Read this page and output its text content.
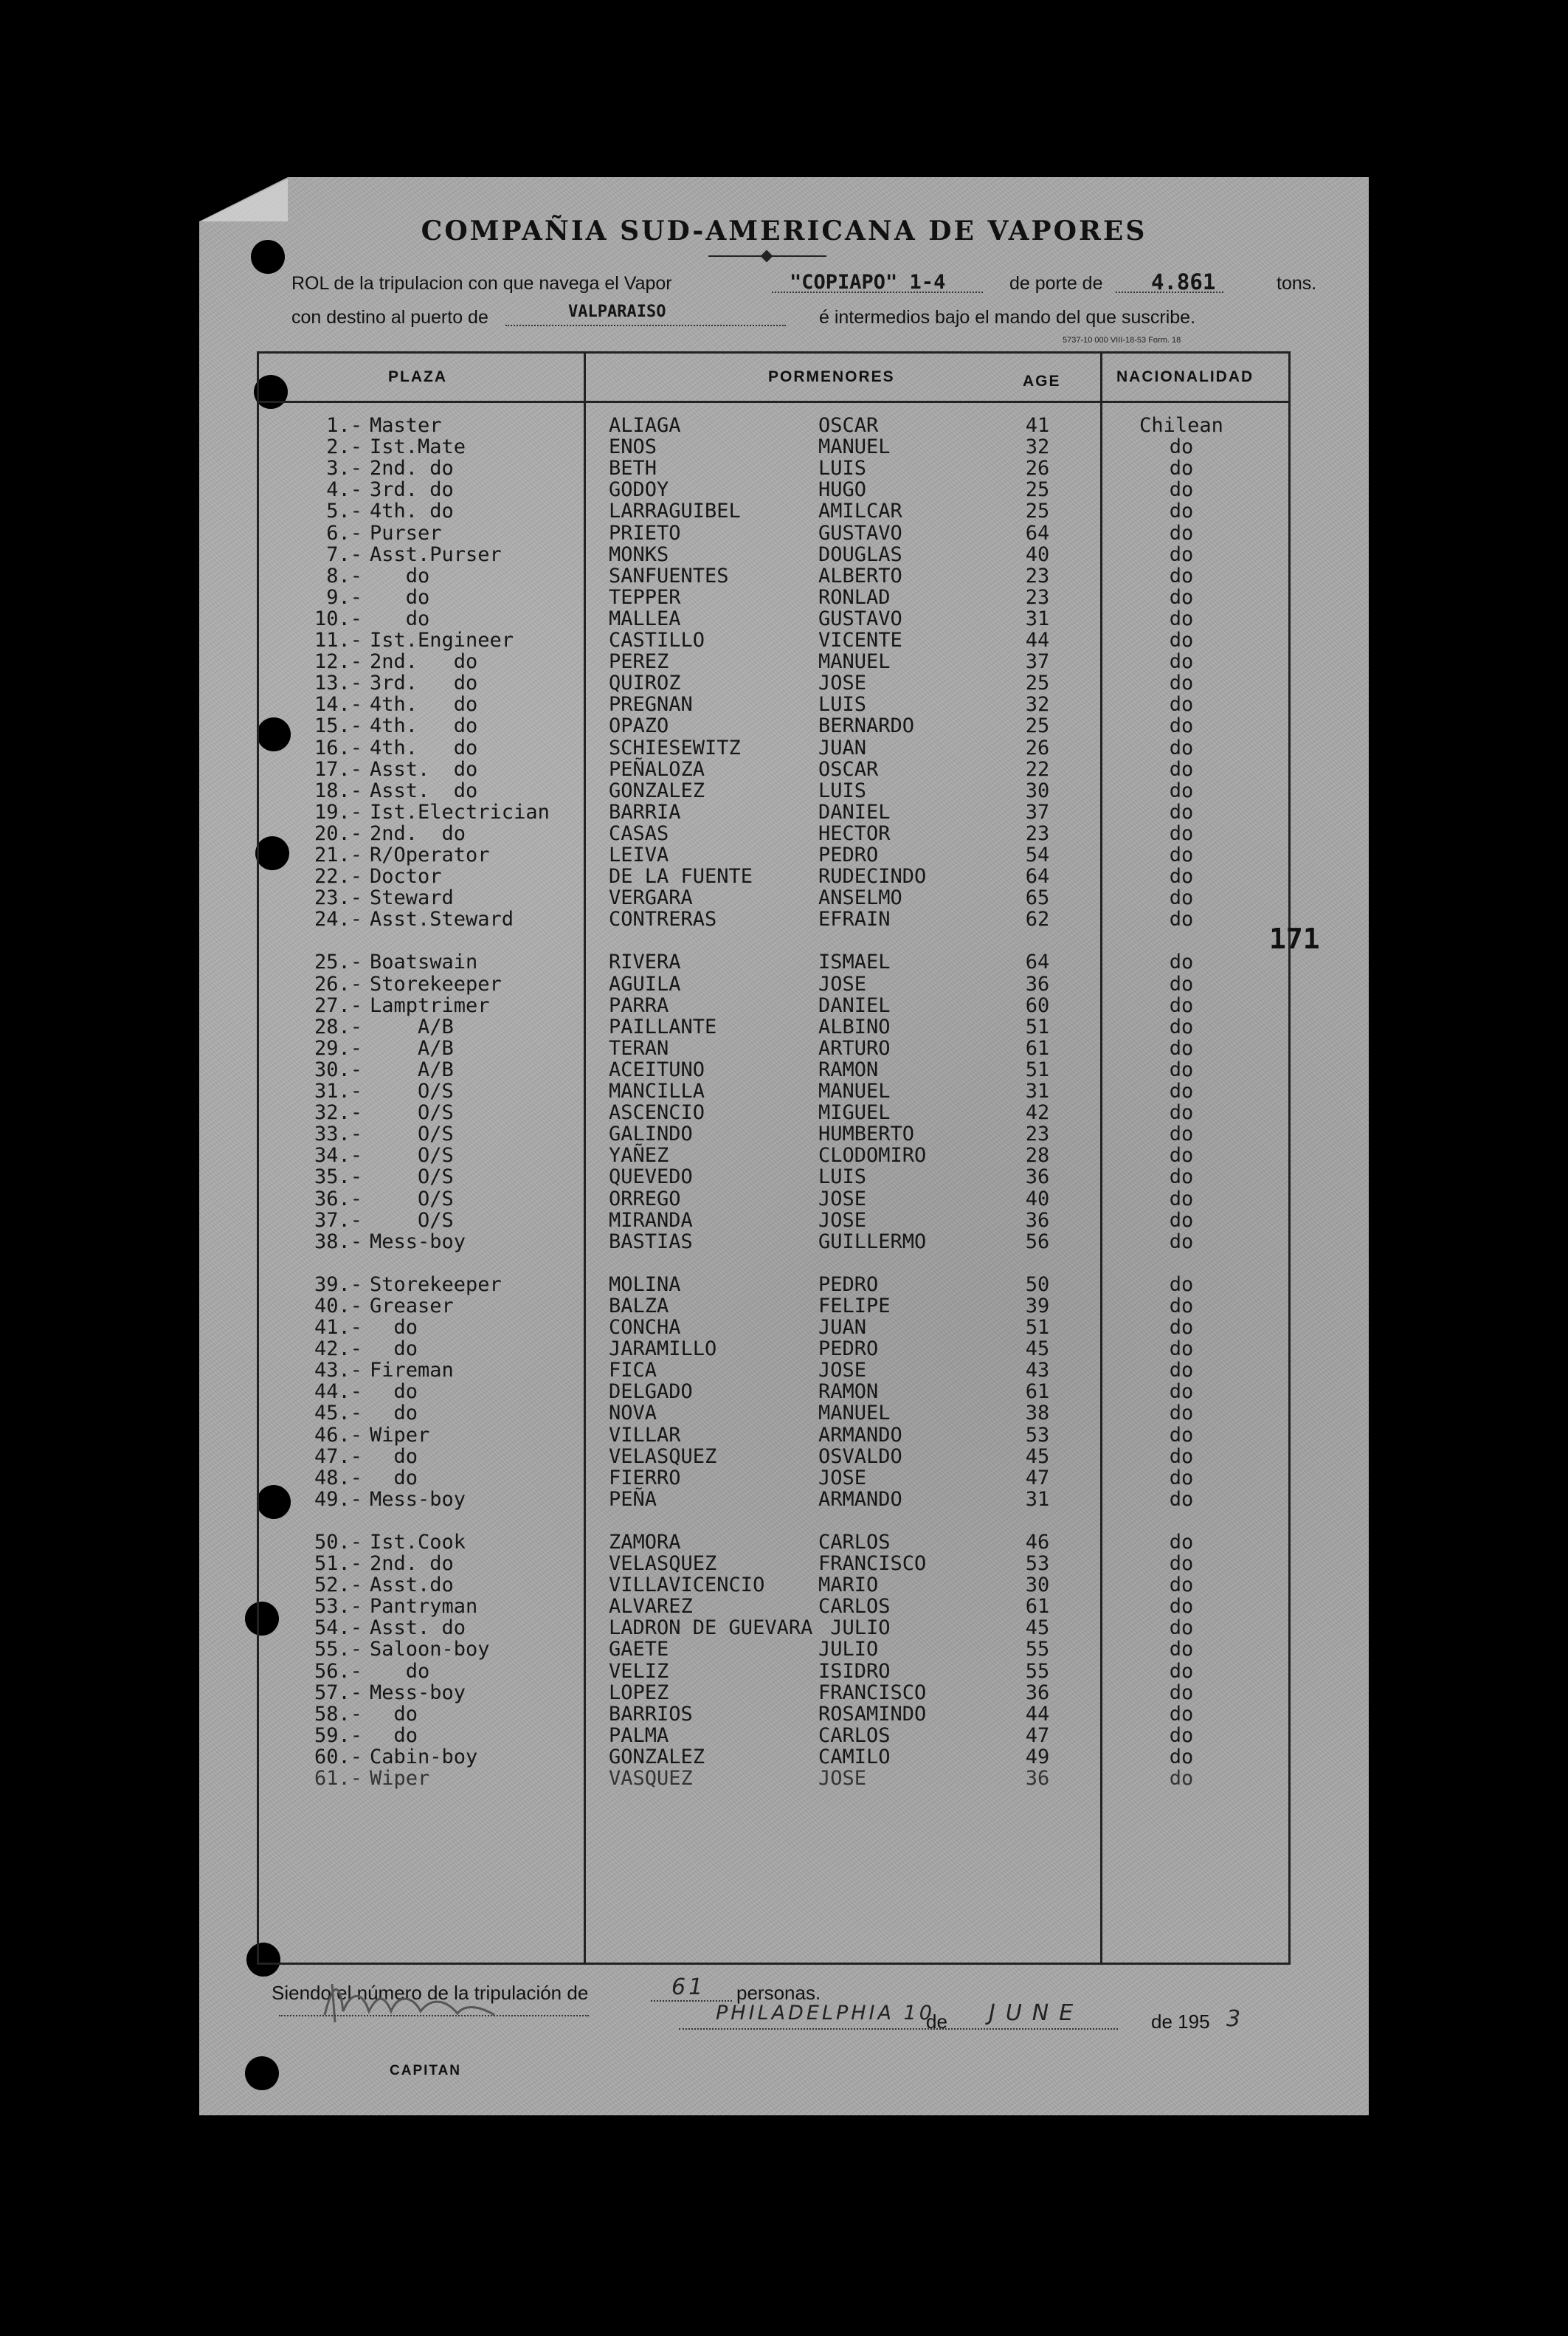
COMPAÑIA SUD-AMERICANA DE VAPORES
ROL de la tripulacion con que navega el Vapor	"COPIAPO" 1-4	de porte de 4.861	tons.
con destino al puerto de	VALPARAISO	é intermedios bajo el mando del que suscribe.
5737-10 000 VIII-18-53 Form. 18
PLAZA	PORMENORES	AGE	NACIONALIDAD
1.- Master	ALIAGA	OSCAR	41	Chilean
2.- Ist.Mate	ENOS	MANUEL	32	do
3.- 2nd. do	BETH	LUIS	26	do
4.- 3rd. do	GODOY	HUGO	25	do
5.- 4th. do	LARRAGUIBEL	AMILCAR	25	do
6.- Purser	PRIETO	GUSTAVO	64	do
7.- Asst.Purser	MONKS	DOUGLAS	40	do
8.- do	SANFUENTES	ALBERTO	23	do
9.- do	TEPPER	RONLAD	23	do
10.- do	MALLEA	GUSTAVO	31	do
11.- Ist.Engineer	CASTILLO	VICENTE	44	do
12.- 2nd.   do	PEREZ	MANUEL	37	do
13.- 3rd.   do	QUIROZ	JOSE	25	do
14.- 4th.   do	PREGNAN	LUIS	32	do
15.- 4th.   do	OPAZO	BERNARDO	25	do
16.- 4th.   do	SCHIESEWITZ	JUAN	26	do
17.- Asst.  do	PEÑALOZA	OSCAR	22	do
18.- Asst.  do	GONZALEZ	LUIS	30	do
19.- Ist.Electrician	BARRIA	DANIEL	37	do
20.- 2nd.  do	CASAS	HECTOR	23	do
21.- R/Operator	LEIVA	PEDRO	54	do
22.- Doctor	DE LA FUENTE	RUDECINDO	64	do
23.- Steward	VERGARA	ANSELMO	65	do
24.- Asst.Steward	CONTRERAS	EFRAIN	62	do
25.- Boatswain	RIVERA	ISMAEL	64	do
26.- Storekeeper	AGUILA	JOSE	36	do
27.- Lamptrimer	PARRA	DANIEL	60	do
28.- A/B	PAILLANTE	ALBINO	51	do
29.- A/B	TERAN	ARTURO	61	do
30.- A/B	ACEITUNO	RAMON	51	do
31.- O/S	MANCILLA	MANUEL	31	do
32.- O/S	ASCENCIO	MIGUEL	42	do
33.- O/S	GALINDO	HUMBERTO	23	do
34.- O/S	YAÑEZ	CLODOMIRO	28	do
35.- O/S	QUEVEDO	LUIS	36	do
36.- O/S	ORREGO	JOSE	40	do
37.- O/S	MIRANDA	JOSE	36	do
38.- Mess-boy	BASTIAS	GUILLERMO	56	do
39.- Storekeeper	MOLINA	PEDRO	50	do
40.- Greaser	BALZA	FELIPE	39	do
41.- do	CONCHA	JUAN	51	do
42.- do	JARAMILLO	PEDRO	45	do
43.- Fireman	FICA	JOSE	43	do
44.- do	DELGADO	RAMON	61	do
45.- do	NOVA	MANUEL	38	do
46.- Wiper	VILLAR	ARMANDO	53	do
47.- do	VELASQUEZ	OSVALDO	45	do
48.- do	FIERRO	JOSE	47	do
49.- Mess-boy	PEÑA	ARMANDO	31	do
50.- Ist.Cook	ZAMORA	CARLOS	46	do
51.- 2nd. do	VELASQUEZ	FRANCISCO	53	do
52.- Asst.do	VILLAVICENCIO	MARIO	30	do
53.- Pantryman	ALVAREZ	CARLOS	61	do
54.- Asst. do	LADRON DE GUEVARA JULIO	45	do
55.- Saloon-boy	GAETE	JULIO	55	do
56.- do	VELIZ	ISIDRO	55	do
57.- Mess-boy	LOPEZ	FRANCISCO	36	do
58.- do	BARRIOS	ROSAMINDO	44	do
59.- do	PALMA	CARLOS	47	do
60.- Cabin-boy	GONZALEZ	CAMILO	49	do
61.- Wiper	VASQUEZ	JOSE	36	do
171
Siendo el número de la tripulación de	61 personas.
PHILADELPHIA 10
de JUNE	de 195 3
CAPITAN
